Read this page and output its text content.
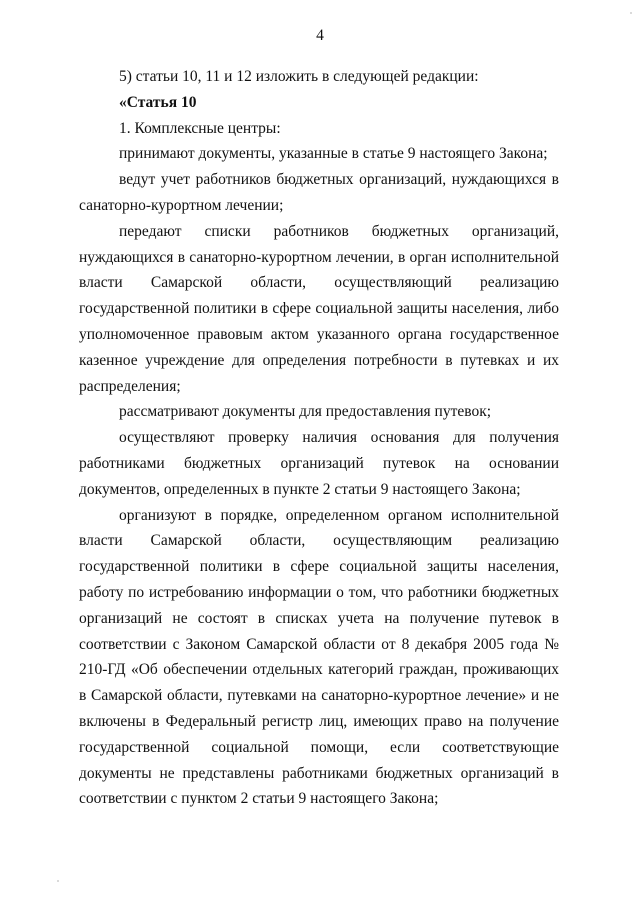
4

5) статьи 10, 11 и 12 изложить в следующей редакции:

«Статья 10

1. Комплексные центры:

принимают документы, указанные в статье 9 настоящего Закона;

ведут учет работников бюджетных организаций, нуждающихся в санаторно-курортном лечении;

передают списки работников бюджетных организаций, нуждающихся в санаторно-курортном лечении, в орган исполнительной власти Самарской области, осуществляющий реализацию государственной политики в сфере социальной защиты населения, либо уполномоченное правовым актом указанного органа государственное казенное учреждение для определения потребности в путевках и их распределения;

рассматривают документы для предоставления путевок;

осуществляют проверку наличия основания для получения работниками бюджетных организаций путевок на основании документов, определенных в пункте 2 статьи 9 настоящего Закона;

организуют в порядке, определенном органом исполнительной власти Самарской области, осуществляющим реализацию государственной политики в сфере социальной защиты населения, работу по истребованию информации о том, что работники бюджетных организаций не состоят в списках учета на получение путевок в соответствии с Законом Самарской области от 8 декабря 2005 года № 210-ГД «Об обеспечении отдельных категорий граждан, проживающих в Самарской области, путевками на санаторно-курортное лечение» и не включены в Федеральный регистр лиц, имеющих право на получение государственной социальной помощи, если соответствующие документы не представлены работниками бюджетных организаций в соответствии с пунктом 2 статьи 9 настоящего Закона;
